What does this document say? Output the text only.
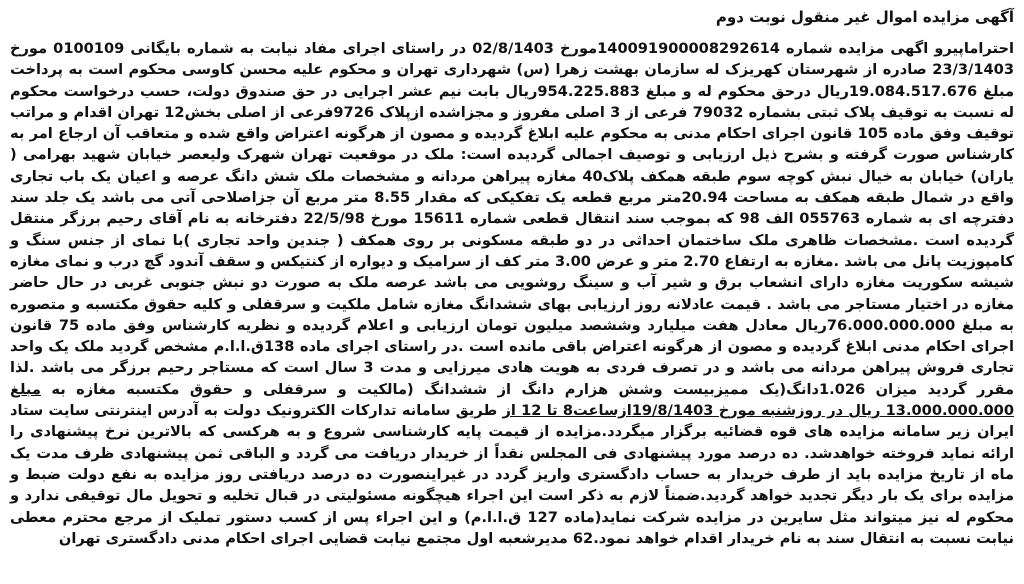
آگهی مزایده اموال غیر منقول نوبت دوم
احتراماپیرو اگهی مزایده شماره 140091900008292614مورخ 02/8/1403 در راستای اجرای مفاد نیابت به شماره بایگانی 0100109 مورخ 23/3/1403 صادره از شهرستان کهریزک له سازمان بهشت زهرا (س) شهرداری تهران و محکوم علیه محسن کاوسی محکوم است به پرداخت مبلغ 19.084.517.676ریال درحق محکوم له و مبلغ 954.225.883ریال بابت نیم عشر اجرایی در حق صندوق دولت، حسب درخواست محکوم له نسبت به توقیف پلاک ثبتی بشماره 79032 فرعی از 3 اصلی مفروز و مجزاشده ازپلاک 9726فرعی از اصلی بخش12 تهران اقدام و مراتب توقیف وفق ماده 105 قانون اجرای احکام مدنی به محکوم علیه ابلاغ گردیده و مصون از هرگونه اعتراض واقع شده و متعاقب آن ارجاع امر به کارشناس صورت گرفته و بشرح ذیل ارزیابی و توصیف اجمالی گردیده است: ملک در موقعیت تهران شهرک ولیعصر خیابان شهید بهرامی ( یاران) خیابان به خیال نبش کوچه سوم طبقه همکف پلاک40 مغازه پیراهن مردانه و مشخصات ملک شش دانگ عرصه و اعیان یک باب تجاری واقع در شمال طبقه همکف به مساحت 20.94متر مربع قطعه یک تفکیکی که مقدار 8.55 متر مربع آن جزاصلاحی آتی می باشد یک جلد سند دفترچه ای به شماره 055763 الف 98 که بموجب سند انتقال قطعی شماره 15611 مورخ 22/5/98 دفترخانه به نام آقای رحیم برزگر منتقل گردیده است .مشخصات ظاهری ملک ساختمان احداثی در دو طبقه مسکونی بر روی همکف ( جندین واحد تجاری )با نمای از جنس سنگ و کامپوزیت پانل می باشد .مغازه به ارتفاع 2.70 متر و عرض 3.00 متر کف از سرامیک و دیواره از کنتیکس و سقف آندود گچ درب و نمای مغازه شیشه سکوریت مغازه دارای انشعاب برق و شیر آب و سینگ روشویی می باشد عرصه ملک به صورت دو نبش جنوبی غربی در حال حاضر مغازه در اختیار مستاجر می باشد . قیمت عادلانه روز ارزیابی بهای ششدانگ مغازه شامل ملکیت و سرقفلی و کلیه حقوق مکتسبه و متصوره به مبلغ 76.000.000.000ریال معادل هفت میلیارد وششصد میلیون تومان ارزیابی و اعلام گردیده و نظریه کارشناس وفق ماده 75 قانون اجرای احکام مدنی ابلاغ گردیده و مصون از هرگونه اعتراض باقی مانده است .در راستای اجرای ماده 138ق.ا.ا.م مشخص گردید ملک یک واحد تجاری فروش پیراهن مردانه می باشد و در تصرف فردی به هویت هادی میرزایی و مدت 3 سال است که مستاجر رحیم برزگر می باشد .لذا مقرر گردید میزان 1.026دانگ(یک ممیزبیست وشش هزارم دانگ از ششدانگ (مالکیت و سرقفلی و حقوق مکتسبه مغازه به مبلغ 13.000.000.000 ریال در روزشنبه مورخ 19/8/1403ازساعت8 تا 12 از طریق سامانه تدارکات الکترونیک دولت به آدرس اینترنتی سایت ستاد ایران زیر سامانه مزایده های قوه قضائیه برگزار میگردد.مزایده از قیمت پایه کارشناسی شروع و به هرکسی که بالاترین نرخ پیشنهادی را ارائه نماید فروخته خواهدشد. ده درصد مورد پیشنهادی فی المجلس نقداً از خریدار دریافت می گردد و الباقی ثمن پیشنهادی ظرف مدت یک ماه از تاریخ مزایده باید از طرف خریدار به حساب دادگستری واریز گردد در غیراینصورت ده درصد دریافتی روز مزایده به نفع دولت ضبط و مزایده برای یک بار دیگر تجدید خواهد گردید.ضمناً لازم به ذکر است این اجراء هیچگونه مسئولیتی در قبال تخلیه و تحویل مال توقیفی ندارد و محکوم له نیز میتواند مثل سایرین در مزایده شرکت نماید(ماده 127 ق.ا.ا.م) و این اجراء پس از کسب دستور تملیک از مرجع محترم معطی نیابت نسبت به انتقال سند به نام خریدار اقدام خواهد نمود.62 مدیرشعبه اول مجتمع نیابت قضایی اجرای احکام مدنی دادگستری تهران
